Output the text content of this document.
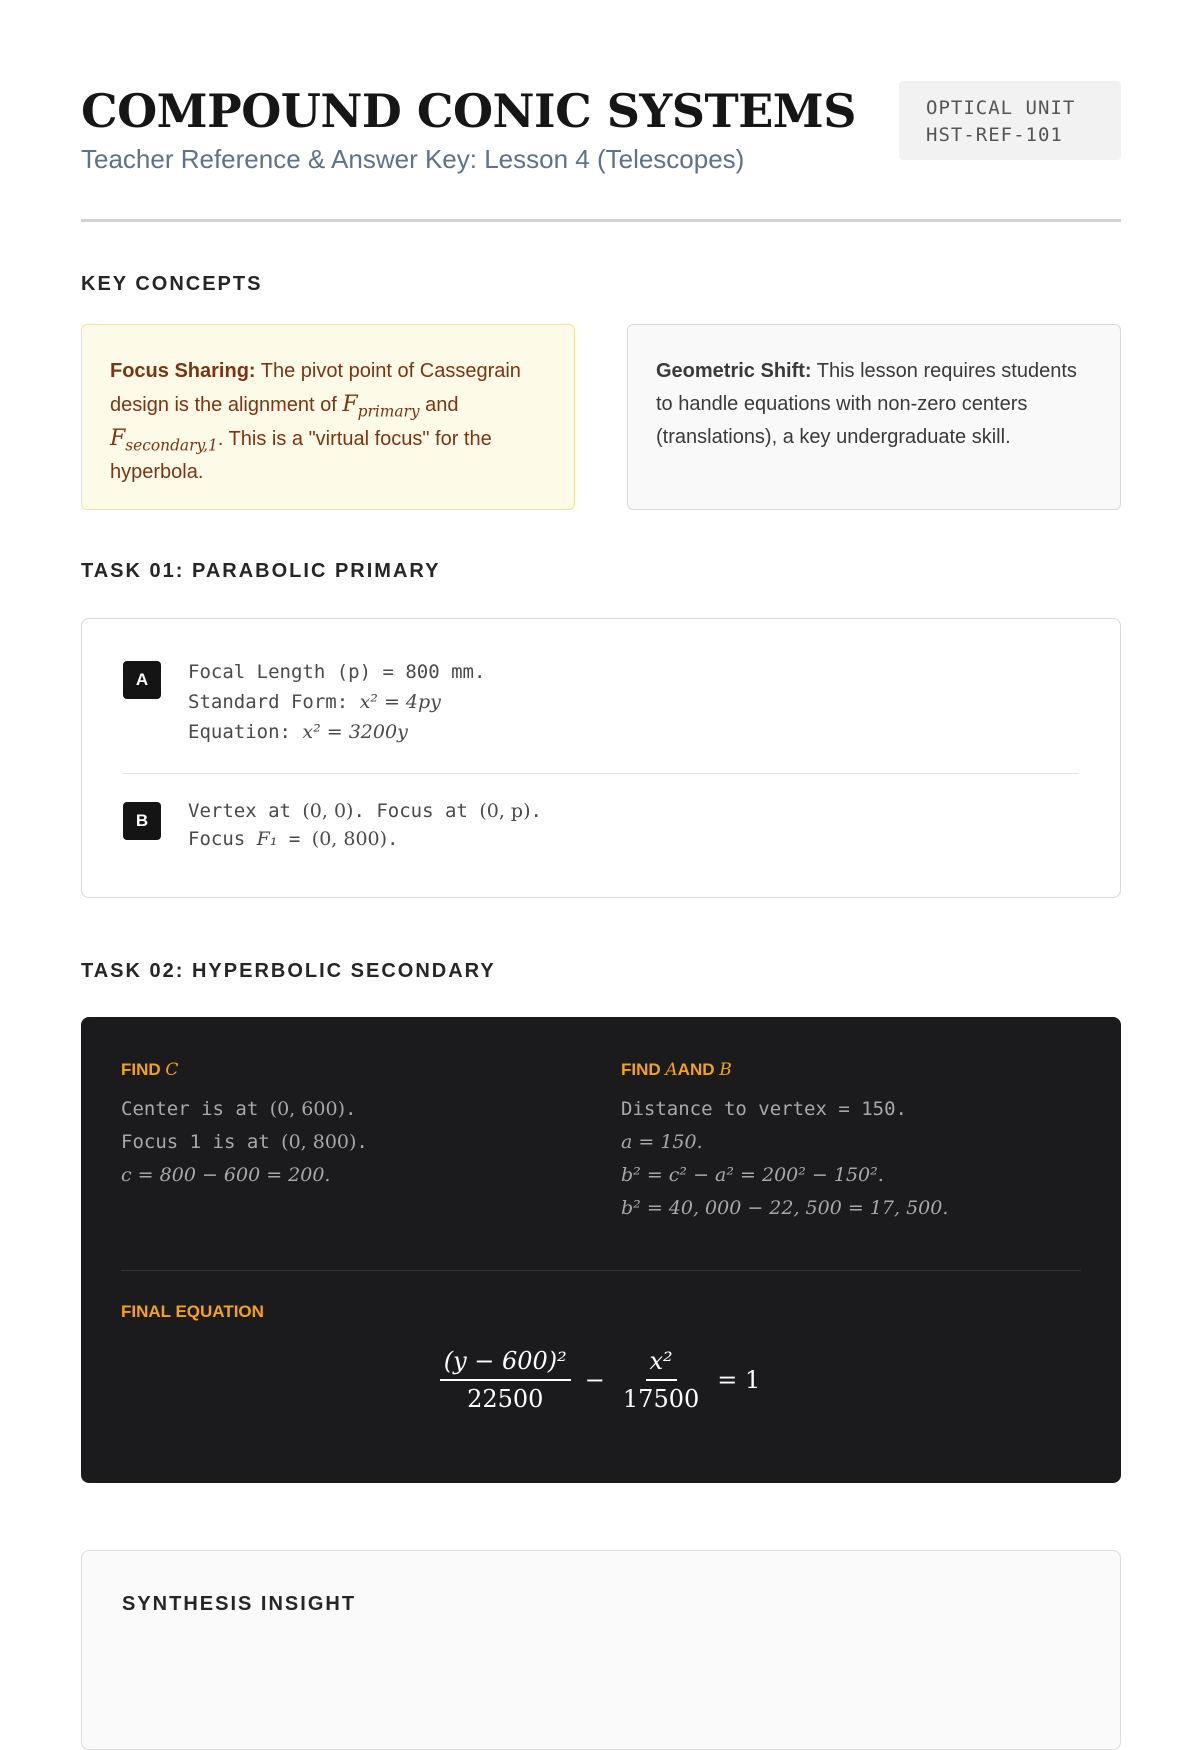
COMPOUND CONIC SYSTEMS
Teacher Reference & Answer Key: Lesson 4 (Telescopes)
OPTICAL UNIT
HST-REF-101
KEY CONCEPTS
Focus Sharing: The pivot point of Cassegrain design is the alignment of $F_{primary}$ and $F_{secondary,1}$. This is a "virtual focus" for the hyperbola.
Geometric Shift: This lesson requires students to handle equations with non-zero centers (translations), a key undergraduate skill.
TASK 01: PARABOLIC PRIMARY
A	Focal Length (p) = 800 mm.
Standard Form: x² = 4py
Equation: x² = 3200y
B	Vertex at (0, 0). Focus at (0, p).
Focus F₁ = (0, 800).
TASK 02: HYPERBOLIC SECONDARY
FIND C
Center is at (0, 600).
Focus 1 is at (0, 800).
c = 800 − 600 = 200.
FIND AAND B
Distance to vertex = 150.
a = 150.
b² = c² − a² = 200² − 150².
b² = 40, 000 − 22, 500 = 17, 500.
FINAL EQUATION
$\frac{\text{(y − 600)²}}{22500} - \frac{\text{x²}}{17500} = 1$
SYNTHESIS INSIGHT
